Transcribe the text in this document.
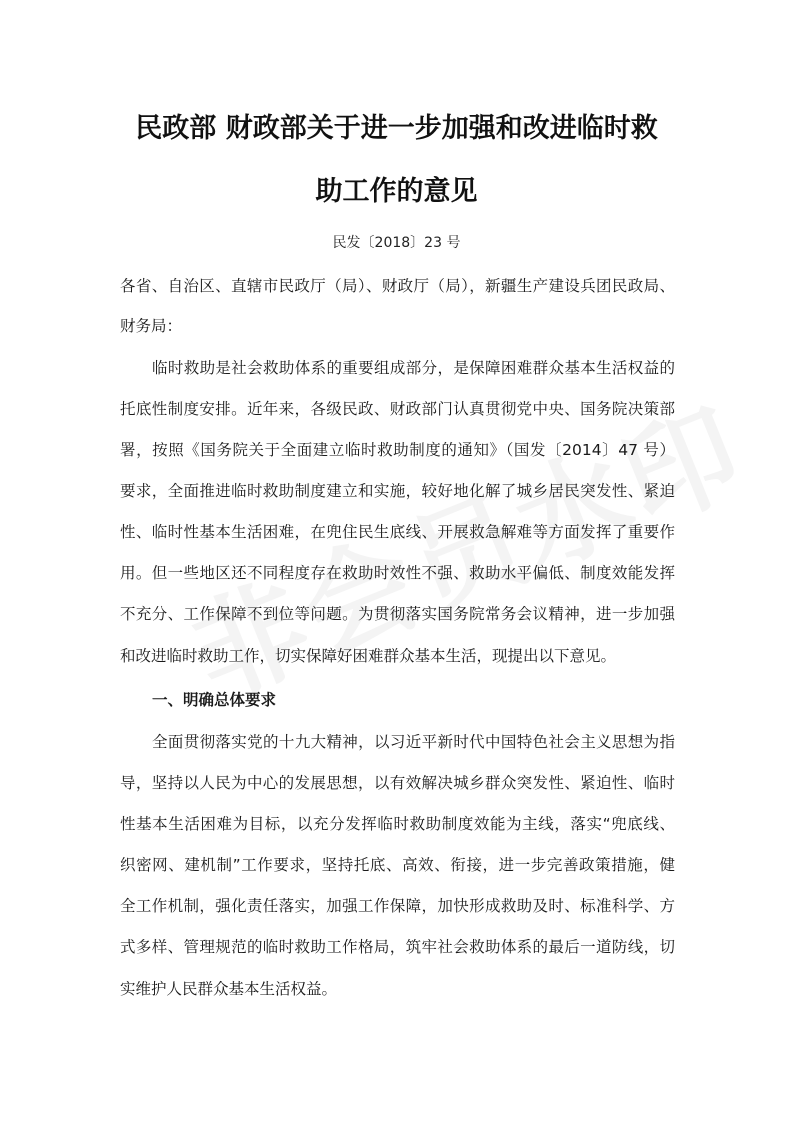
民政部 财政部关于进一步加强和改进临时救
助工作的意见
民发〔2018〕23 号
各省、自治区、直辖市民政厅（局）、财政厅（局），新疆生产建设兵团民政局、
财务局：
临时救助是社会救助体系的重要组成部分，是保障困难群众基本生活权益的
托底性制度安排。近年来，各级民政、财政部门认真贯彻党中央、国务院决策部
署，按照《国务院关于全面建立临时救助制度的通知》（国发〔2014〕47 号）
要求，全面推进临时救助制度建立和实施，较好地化解了城乡居民突发性、紧迫
性、临时性基本生活困难，在兜住民生底线、开展救急解难等方面发挥了重要作
用。但一些地区还不同程度存在救助时效性不强、救助水平偏低、制度效能发挥
不充分、工作保障不到位等问题。为贯彻落实国务院常务会议精神，进一步加强
和改进临时救助工作，切实保障好困难群众基本生活，现提出以下意见。
一、明确总体要求
全面贯彻落实党的十九大精神，以习近平新时代中国特色社会主义思想为指
导，坚持以人民为中心的发展思想，以有效解决城乡群众突发性、紧迫性、临时
性基本生活困难为目标，以充分发挥临时救助制度效能为主线，落实“兜底线、
织密网、建机制”工作要求，坚持托底、高效、衔接，进一步完善政策措施，健
全工作机制，强化责任落实，加强工作保障，加快形成救助及时、标准科学、方
式多样、管理规范的临时救助工作格局，筑牢社会救助体系的最后一道防线，切
实维护人民群众基本生活权益。
